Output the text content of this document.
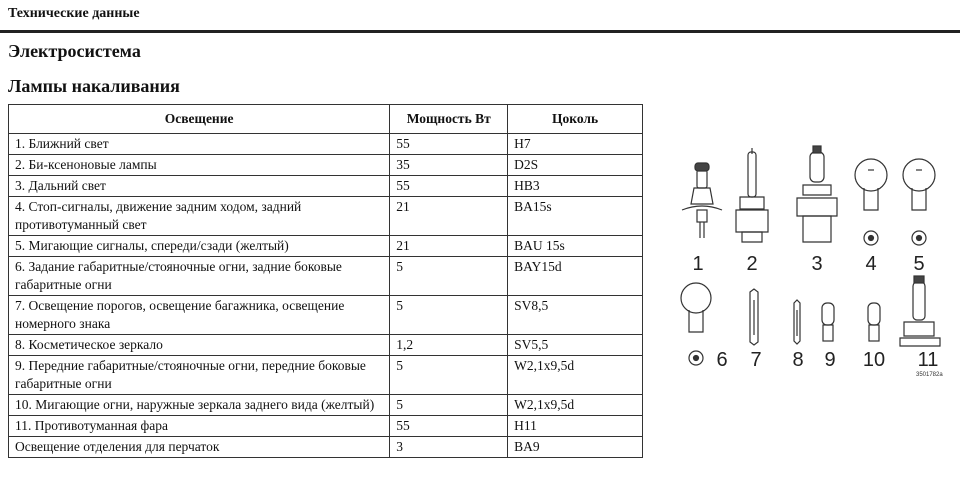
Технические данные
Электросистема
Лампы накаливания
Освещение	Мощность Вт	Цоколь
1. Ближний свет	55	H7
2. Би-ксеноновые лампы	35	D2S
3. Дальний свет	55	HB3
4. Стоп-сигналы, движение задним ходом, задний противотуманный свет	21	BA15s
5. Мигающие сигналы, спереди/сзади (желтый)	21	BAU 15s
6. Задание габаритные/стояночные огни, задние боковые габаритные огни	5	BAY15d
7. Освещение порогов, освещение багажника, освещение номерного знака	5	SV8,5
8. Косметическое зеркало	1,2	SV5,5
9. Передние габаритные/стояночные огни, передние боковые габаритные огни	5	W2,1x9,5d
10. Мигающие огни, наружные зеркала заднего вида (желтый)	5	W2,1x9,5d
11. Противотуманная фара	55	H11
Освещение отделения для перчаток	3	BA9
1 2	3 4 5
6 7 8 9 10 11
3501782a
